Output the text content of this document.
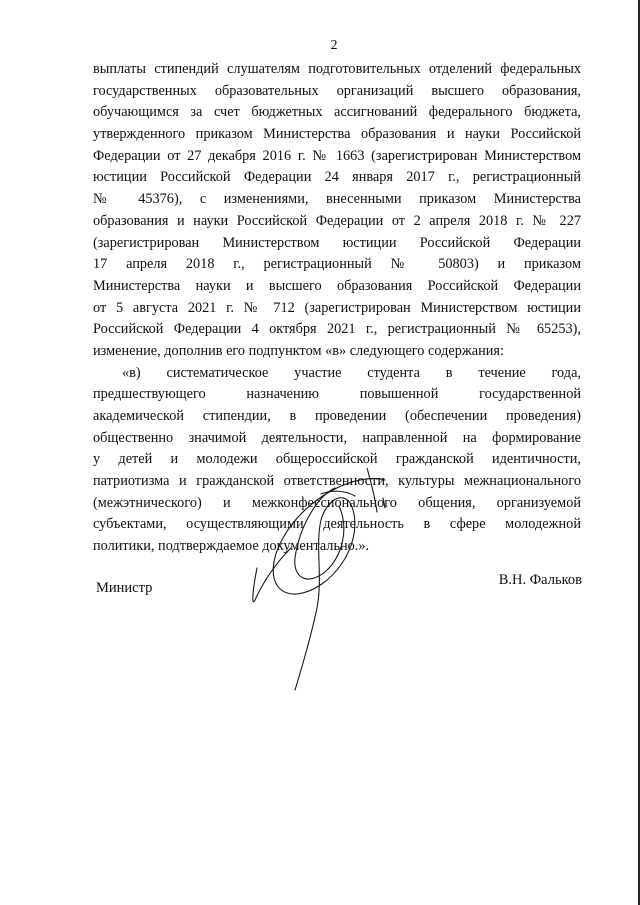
2
выплаты стипендий слушателям подготовительных отделений федеральных
государственных образовательных организаций высшего образования,
обучающимся за счет бюджетных ассигнований федерального бюджета,
утвержденного приказом Министерства образования и науки Российской
Федерации от 27 декабря 2016 г. № 1663 (зарегистрирован Министерством
юстиции Российской Федерации 24 января 2017 г., регистрационный
№ 45376), с изменениями, внесенными приказом Министерства
образования и науки Российской Федерации от 2 апреля 2018 г. № 227
(зарегистрирован Министерством юстиции Российской Федерации
17 апреля 2018 г., регистрационный № 50803) и приказом
Министерства науки и высшего образования Российской Федерации
от 5 августа 2021 г. № 712 (зарегистрирован Министерством юстиции
Российской Федерации 4 октября 2021 г., регистрационный № 65253),
изменение, дополнив его подпунктом «в» следующего содержания:
«в) систематическое участие студента в течение года,
предшествующего назначению повышенной государственной
академической стипендии, в проведении (обеспечении проведения)
общественно значимой деятельности, направленной на формирование
у детей и молодежи общероссийской гражданской идентичности,
патриотизма и гражданской ответственности, культуры межнационального
(межэтнического) и межконфессионального общения, организуемой
субъектами, осуществляющими деятельность в сфере молодежной
политики, подтверждаемое документально.».
Министр	В.Н. Фальков
